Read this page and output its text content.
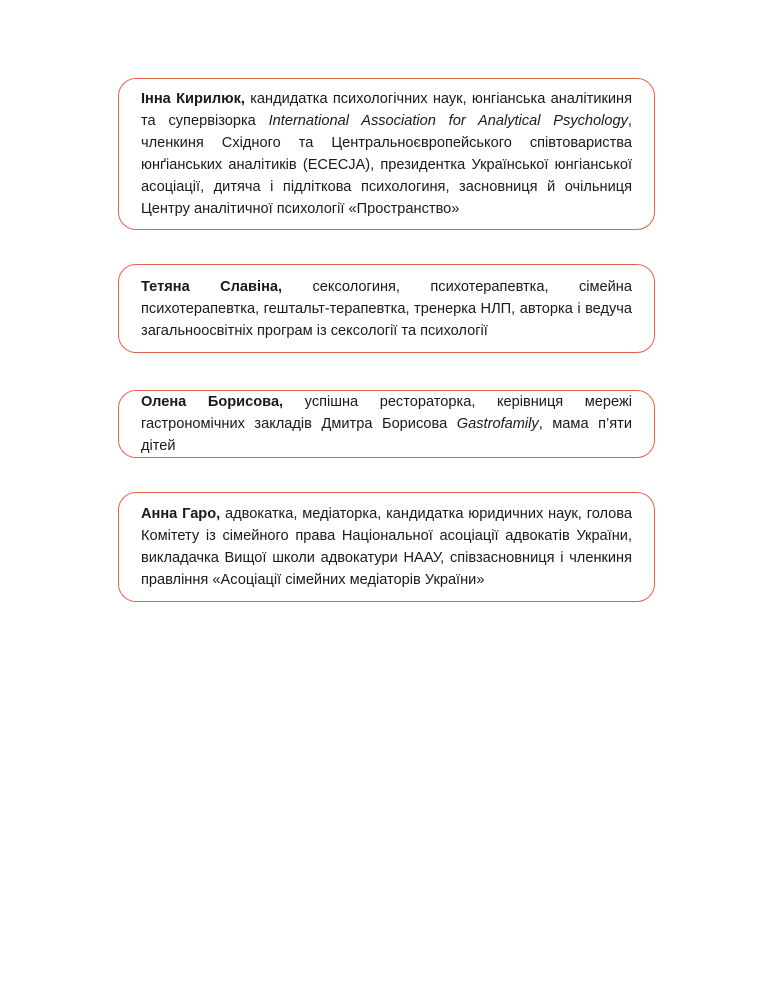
Інна Кирилюк, кандидатка психологічних наук, юнгіанська аналітикиня та супервізорка International Association for Analytical Psychology, членкиня Східного та Центральноєвропейського співтовариства юнґіанських аналітиків (ECECJA), президентка Української юнгіанської асоціації, дитяча і підліткова психологиня, засновниця й очільниця Центру аналітичної психології «Пространство»

Тетяна Славіна, сексологиня, психотерапевтка, сімейна психотерапевтка, гештальт-терапевтка, тренерка НЛП, авторка і ведуча загальноосвітніх програм із сексології та психології

Олена Борисова, успішна рестораторка, керівниця мережі гастрономічних закладів Дмитра Борисова Gastrofamily, мама п’яти дітей

Анна Гаро, адвокатка, медіаторка, кандидатка юридичних наук, голова Комітету із сімейного права Національної асоціації адвокатів України, викладачка Вищої школи адвокатури НААУ, співзасновниця і членкиня правління «Асоціації сімейних медіаторів України»
